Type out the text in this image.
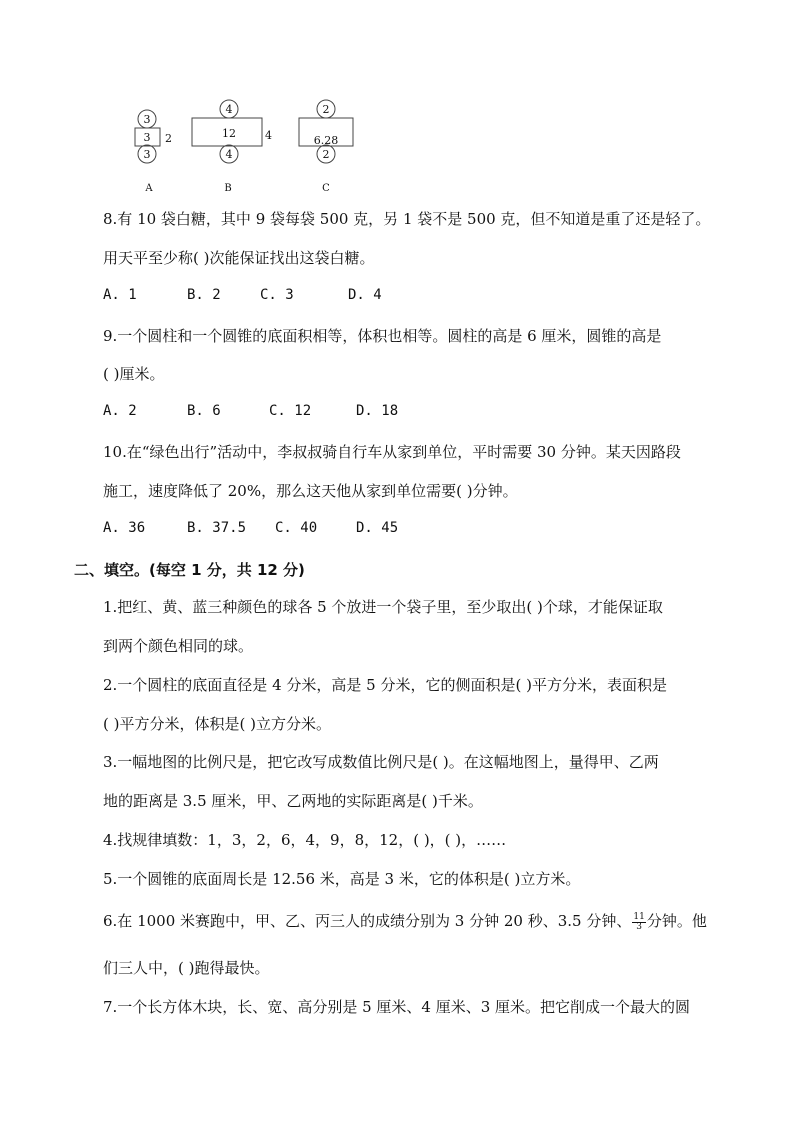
3
3 2
3
A
4
12	4
4
B
2
6.28
2
C
8.有 10 袋白糖，其中 9 袋每袋 500 克，另 1 袋不是 500 克，但不知道是重了还是轻了。
用天平至少称( )次能保证找出这袋白糖。
A. 1	B. 2	C. 3	D. 4
9.一个圆柱和一个圆锥的底面积相等，体积也相等。圆柱的高是 6 厘米，圆锥的高是
( )厘米。
A. 2	B. 6	C. 12	D. 18
10.在“绿色出行”活动中，李叔叔骑自行车从家到单位，平时需要 30 分钟。某天因路段
施工，速度降低了 20%，那么这天他从家到单位需要( )分钟。
A. 36	B. 37.5 C. 40	D. 45
二、填空。(每空 1 分，共 12 分)
1.把红、黄、蓝三种颜色的球各 5 个放进一个袋子里，至少取出( )个球，才能保证取
到两个颜色相同的球。
2.一个圆柱的底面直径是 4 分米，高是 5 分米，它的侧面积是( )平方分米，表面积是
( )平方分米，体积是( )立方分米。
3.一幅地图的比例尺是，把它改写成数值比例尺是( )。在这幅地图上，量得甲、乙两
地的距离是 3.5 厘米，甲、乙两地的实际距离是( )千米。
4.找规律填数：1，3，2，6，4，9，8，12，( )，( )，……
5.一个圆锥的底面周长是 12.56 米，高是 3 米，它的体积是( )立方米。
6.在 1000 米赛跑中，甲、乙、丙三人的成绩分别为 3 分钟 20 秒、3.5 分钟、 $\frac{11}{3}$ 分钟。他
们三人中，( )跑得最快。
7.一个长方体木块，长、宽、高分别是 5 厘米、4 厘米、3 厘米。把它削成一个最大的圆
